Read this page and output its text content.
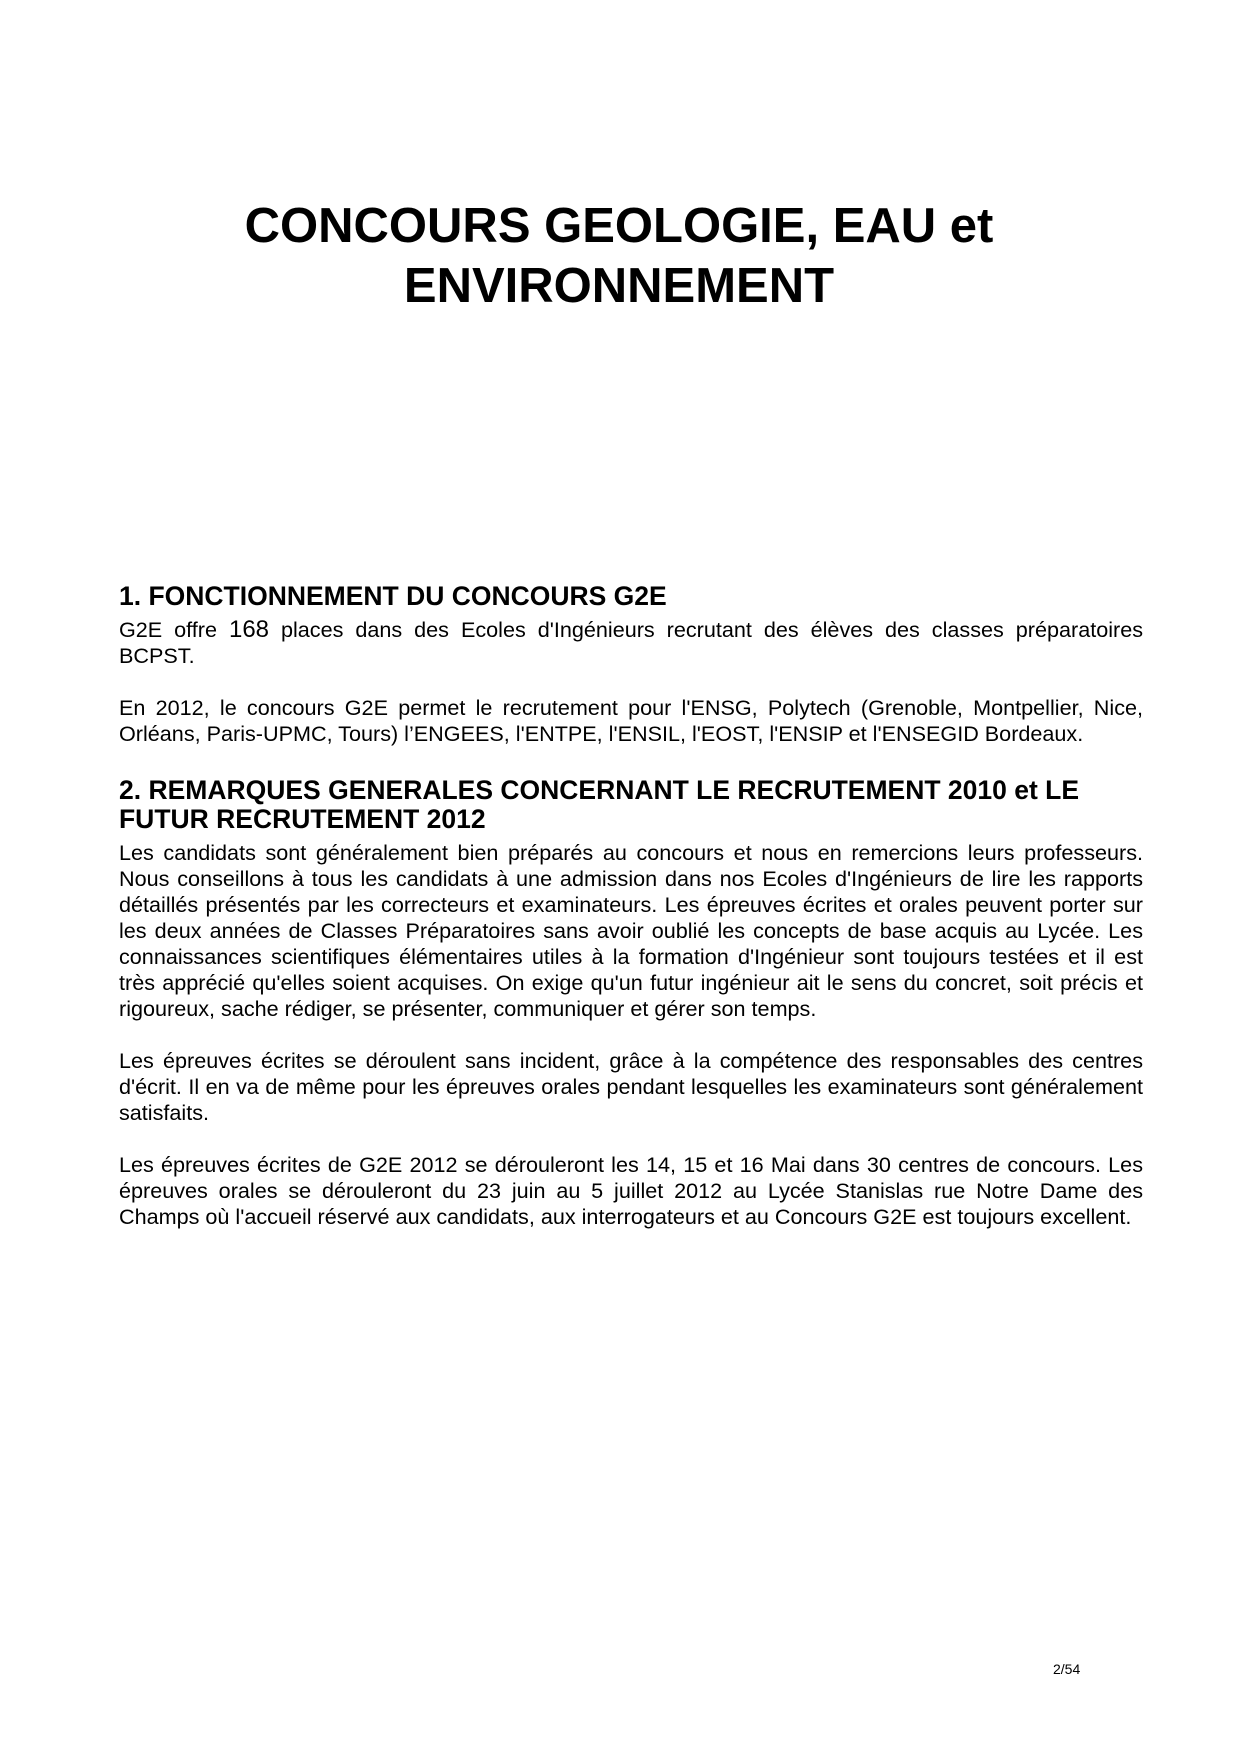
CONCOURS GEOLOGIE, EAU et
ENVIRONNEMENT
1. FONCTIONNEMENT DU CONCOURS G2E

G2E offre 168 places dans des Ecoles d'Ingénieurs recrutant des élèves des classes préparatoires BCPST.

En 2012, le concours G2E permet le recrutement pour l'ENSG, Polytech (Grenoble, Montpellier, Nice, Orléans, Paris-UPMC, Tours) l’ENGEES, l'ENTPE, l'ENSIL, l'EOST, l'ENSIP et l'ENSEGID Bordeaux.

2. REMARQUES GENERALES CONCERNANT LE RECRUTEMENT 2010 et LE FUTUR RECRUTEMENT 2012

Les candidats sont généralement bien préparés au concours et nous en remercions leurs professeurs. Nous conseillons à tous les candidats à une admission dans nos Ecoles d'Ingénieurs de lire les rapports détaillés présentés par les correcteurs et examinateurs. Les épreuves écrites et orales peuvent porter sur les deux années de Classes Préparatoires sans avoir oublié les concepts de base acquis au Lycée. Les connaissances scientifiques élémentaires utiles à la formation d'Ingénieur sont toujours testées et il est très apprécié qu'elles soient acquises. On exige qu'un futur ingénieur ait le sens du concret, soit précis et rigoureux, sache rédiger, se présenter, communiquer et gérer son temps.

Les épreuves écrites se déroulent sans incident, grâce à la compétence des responsables des centres d'écrit. Il en va de même pour les épreuves orales pendant lesquelles les examinateurs sont généralement satisfaits.

Les épreuves écrites de G2E 2012 se dérouleront les 14, 15 et 16 Mai dans 30 centres de concours. Les épreuves orales se dérouleront du 23 juin au 5 juillet 2012 au Lycée Stanislas rue Notre Dame des Champs où l'accueil réservé aux candidats, aux interrogateurs et au Concours G2E est toujours excellent.

2/54
